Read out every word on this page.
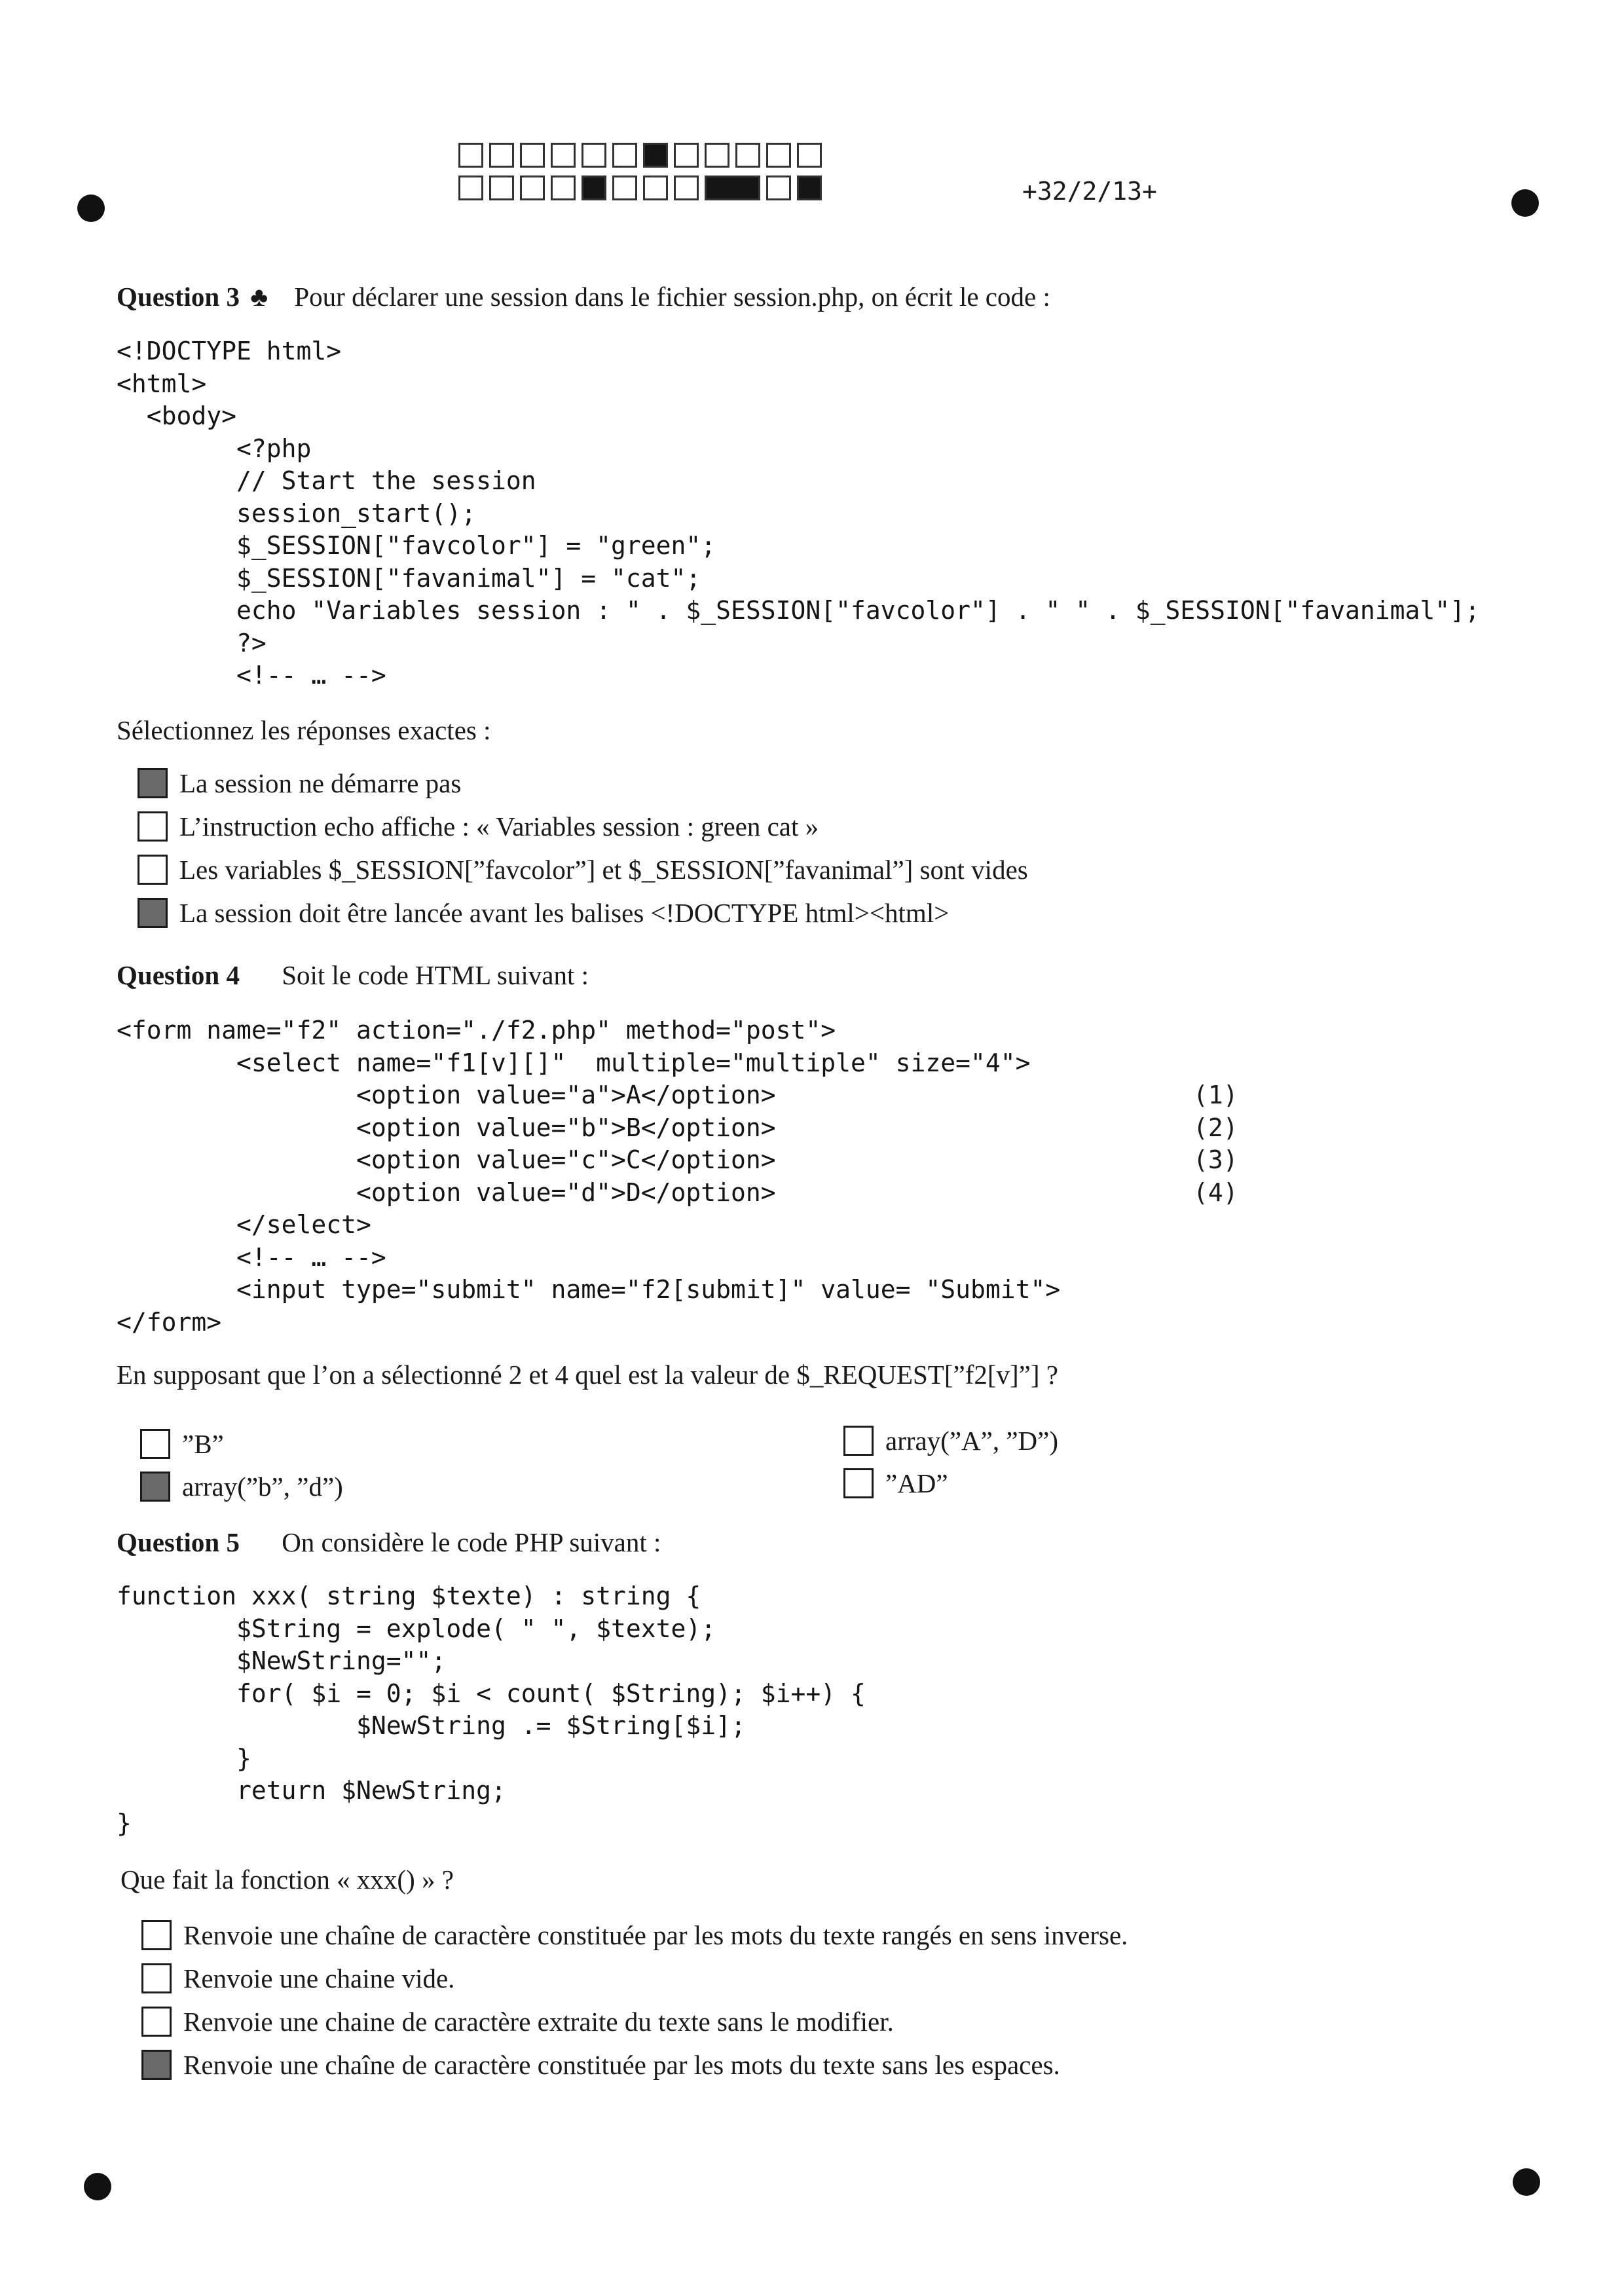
+32/2/13+
Question 3 ♣ Pour déclarer une session dans le fichier session.php, on écrit le code :
<!DOCTYPE html>
<html>
<body>
<?php
// Start the session
session_start();
$_SESSION["favcolor"] = "green";
$_SESSION["favanimal"] = "cat";
echo "Variables session : " . $_SESSION["favcolor"] . " " . $_SESSION["favanimal"];
?>
<!-- … -->
Sélectionnez les réponses exactes :
La session ne démarre pas
L’instruction echo affiche : « Variables session : green cat »
Les variables $_SESSION[”favcolor”] et $_SESSION[”favanimal”] sont vides
La session doit être lancée avant les balises <!DOCTYPE html><html>
Question 4 Soit le code HTML suivant :
<form name="f2" action="./f2.php" method="post">
<select name="f1[v][]"  multiple="multiple" size="4">
<option value="a">A</option>
<option value="b">B</option>
<option value="c">C</option>
<option value="d">D</option>
</select>
<!-- … -->
<input type="submit" name="f2[submit]" value= "Submit">
</form>
(1)
(2)
(3)
(4)
En supposant que l’on a sélectionné 2 et 4 quel est la valeur de $_REQUEST[”f2[v]”] ?
”B”
array(”b”, ”d”)
array(”A”, ”D”)
”AD”
Question 5 On considère le code PHP suivant :
function xxx( string $texte) : string {
$String = explode( " ", $texte);
$NewString="";
for( $i = 0; $i < count( $String); $i++) {
$NewString .= $String[$i];
}
return $NewString;
}
Que fait la fonction « xxx() » ?
Renvoie une chaîne de caractère constituée par les mots du texte rangés en sens inverse.
Renvoie une chaine vide.
Renvoie une chaine de caractère extraite du texte sans le modifier.
Renvoie une chaîne de caractère constituée par les mots du texte sans les espaces.
